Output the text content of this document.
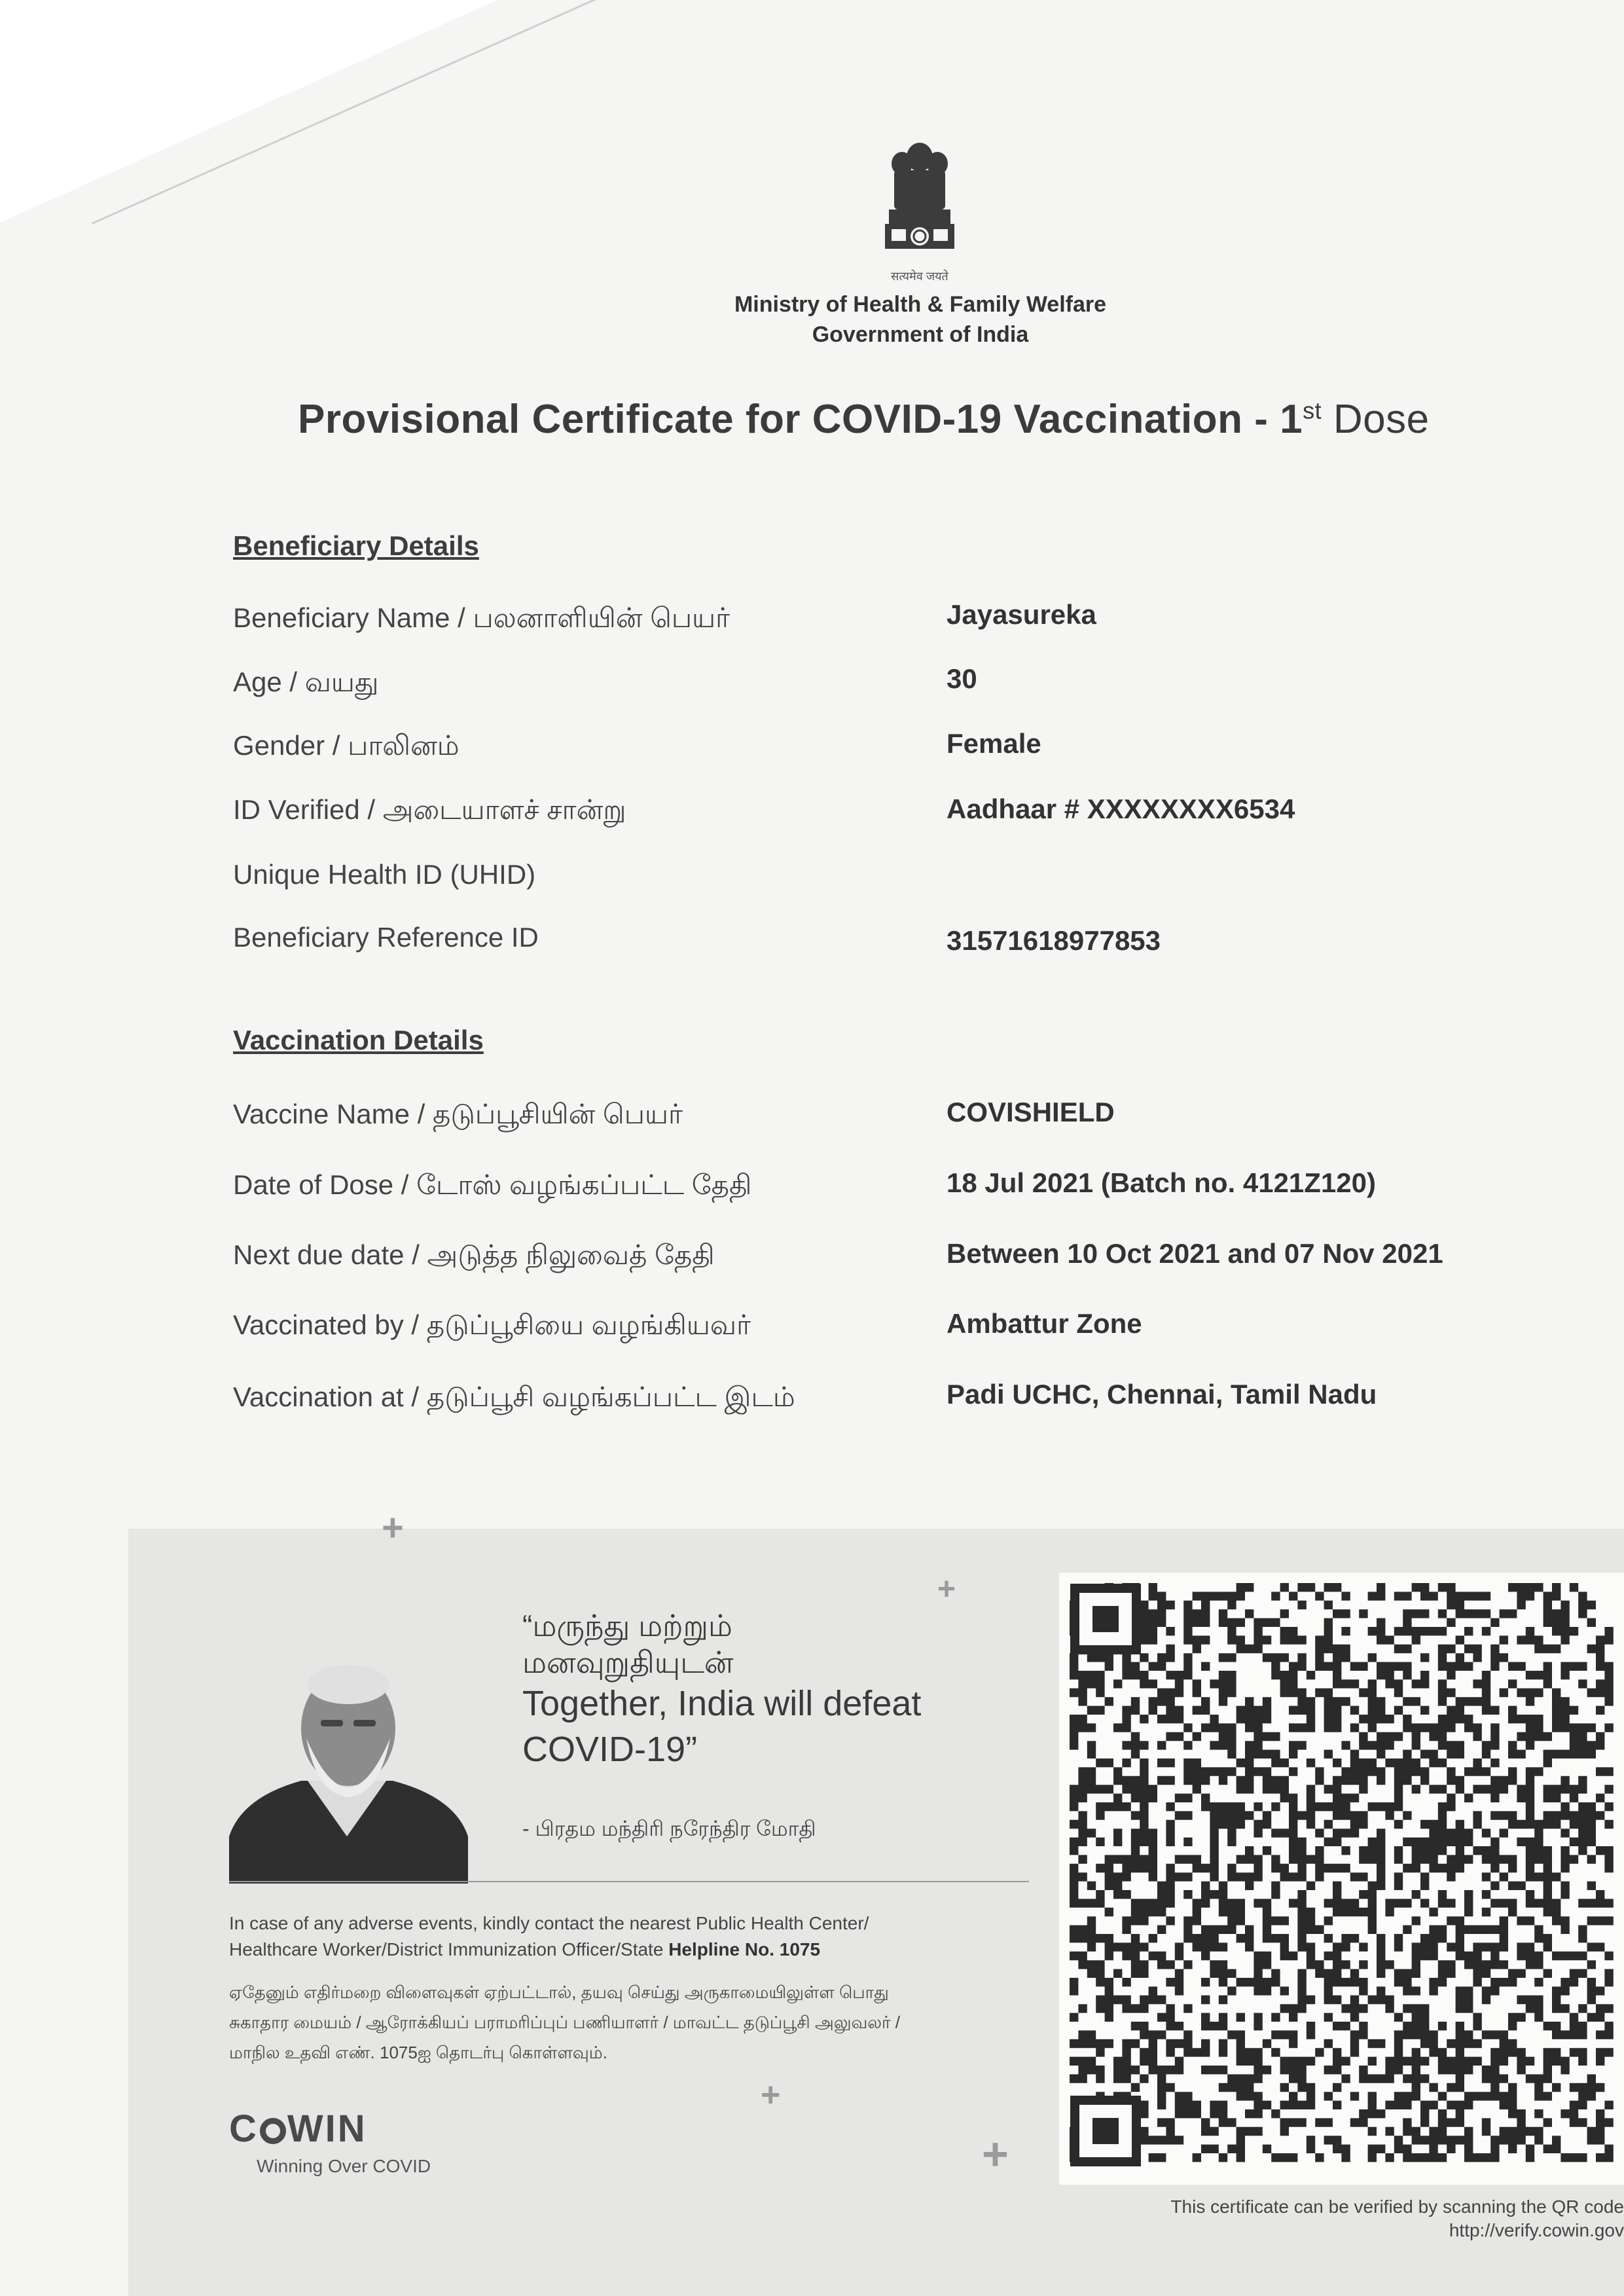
सत्यमेव जयते
Ministry of Health & Family Welfare
Government of India
Provisional Certificate for COVID-19 Vaccination - 1st Dose
Beneficiary Details
Beneficiary Name / பலனாளியின் பெயர்	Jayasureka
Age / வயது	30
Gender / பாலினம்	Female
ID Verified / அடையாளச் சான்று	Aadhaar # XXXXXXXX6534
Unique Health ID (UHID)
Beneficiary Reference ID	31571618977853
Vaccination Details
Vaccine Name / தடுப்பூசியின் பெயர்	COVISHIELD
Date of Dose / டோஸ் வழங்கப்பட்ட தேதி	18 Jul 2021 (Batch no. 4121Z120)
Next due date / அடுத்த நிலுவைத் தேதி	Between 10 Oct 2021 and 07 Nov 2021
Vaccinated by / தடுப்பூசியை வழங்கியவர்	Ambattur Zone
Vaccination at / தடுப்பூசி வழங்கப்பட்ட இடம்	Padi UCHC, Chennai, Tamil Nadu
+
+
+
+
“மருந்து மற்றும்
மனவுறுதியுடன்
Together, India will defeat
COVID-19”
- பிரதம மந்திரி நரேந்திர மோதி
In case of any adverse events, kindly contact the nearest Public Health Center/
Healthcare Worker/District Immunization Officer/State Helpline No. 1075
ஏதேனும் எதிர்மறை விளைவுகள் ஏற்பட்டால், தயவு செய்து அருகாமையிலுள்ள பொது
சுகாதார மையம் / ஆரோக்கியப் பராமரிப்புப் பணியாளர் / மாவட்ட தடுப்பூசி அலுவலர் /
மாநில உதவி எண். 1075ஐ தொடர்பு கொள்ளவும்.
C WIN
Winning Over COVID
This certificate can be verified by scanning the QR code
http://verify.cowin.gov
